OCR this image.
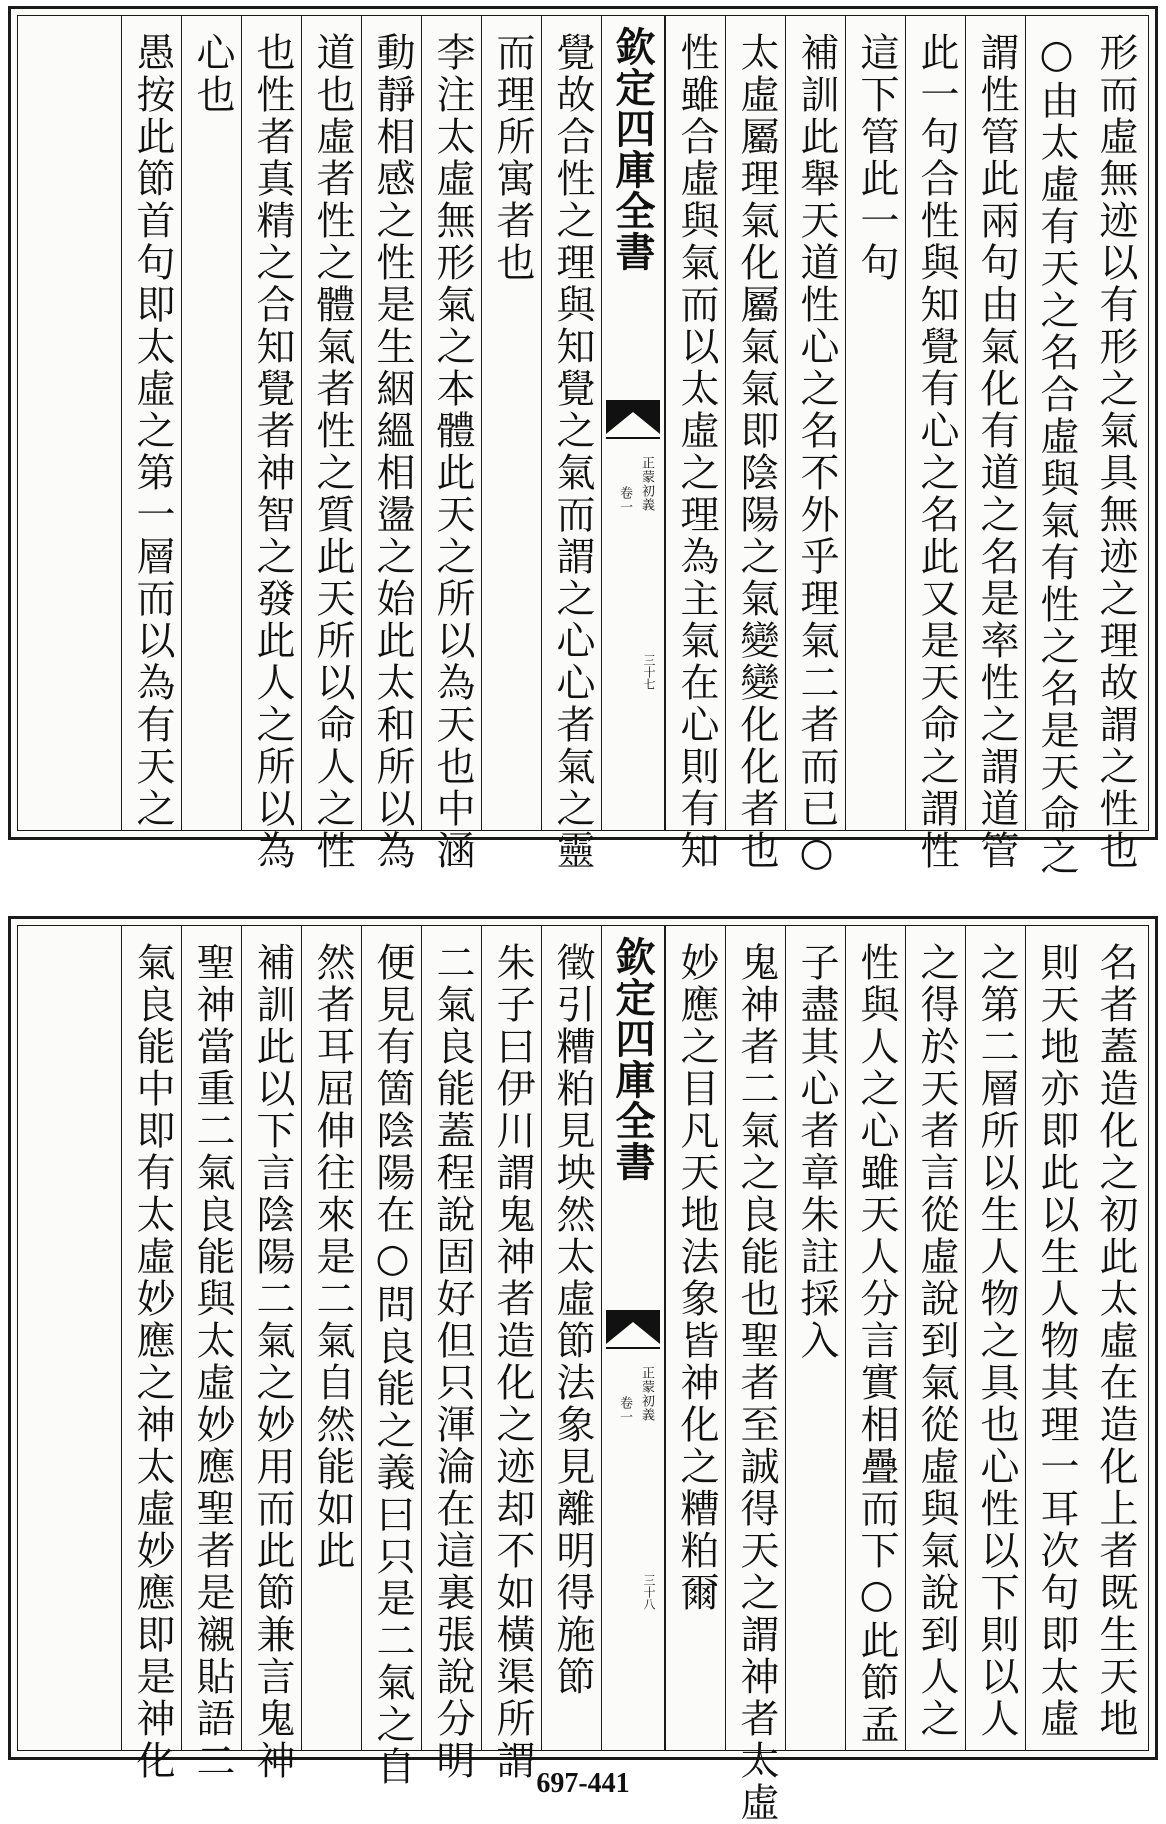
形而虛無迹以有形之氣具無迹之理故謂之性也
○由太虛有天之名合虛與氣有性之名是天命之
謂性管此兩句由氣化有道之名是率性之謂道管
此一句合性與知覺有心之名此又是天命之謂性
這下管此一句
補訓此舉天道性心之名不外乎理氣二者而已○
太虛屬理氣化屬氣氣即陰陽之氣變變化化者也
性雖合虛與氣而以太虛之理為主氣在心則有知
欽定四庫全書
正蒙初義
卷一
三十七
覺故合性之理與知覺之氣而謂之心心者氣之靈
而理所寓者也
李注太虛無形氣之本體此天之所以為天也中涵
動靜相感之性是生絪縕相盪之始此太和所以為
道也虛者性之體氣者性之質此天所以命人之性
也性者真精之合知覺者神智之發此人之所以為
心也
愚按此節首句即太虛之第一層而以為有天之
名者蓋造化之初此太虛在造化上者既生天地
則天地亦即此以生人物其理一耳次句即太虛
之第二層所以生人物之具也心性以下則以人
之得於天者言從虛說到氣從虛與氣說到人之
性與人之心雖天人分言實相疊而下○此節孟
子盡其心者章朱註採入
鬼神者二氣之良能也聖者至誠得天之謂神者太虛
妙應之目凡天地法象皆神化之糟粕爾
欽定四庫全書
正蒙初義
卷一
三十八
徵引糟粕見坱然太虛節法象見離明得施節
朱子曰伊川謂鬼神者造化之迹却不如橫渠所謂
二氣良能蓋程說固好但只渾淪在這裏張說分明
便見有箇陰陽在○問良能之義曰只是二氣之自
然者耳屈伸往來是二氣自然能如此
補訓此以下言陰陽二氣之妙用而此節兼言鬼神
聖神當重二氣良能與太虛妙應聖者是襯貼語二
氣良能中即有太虛妙應之神太虛妙應即是神化
697-441
